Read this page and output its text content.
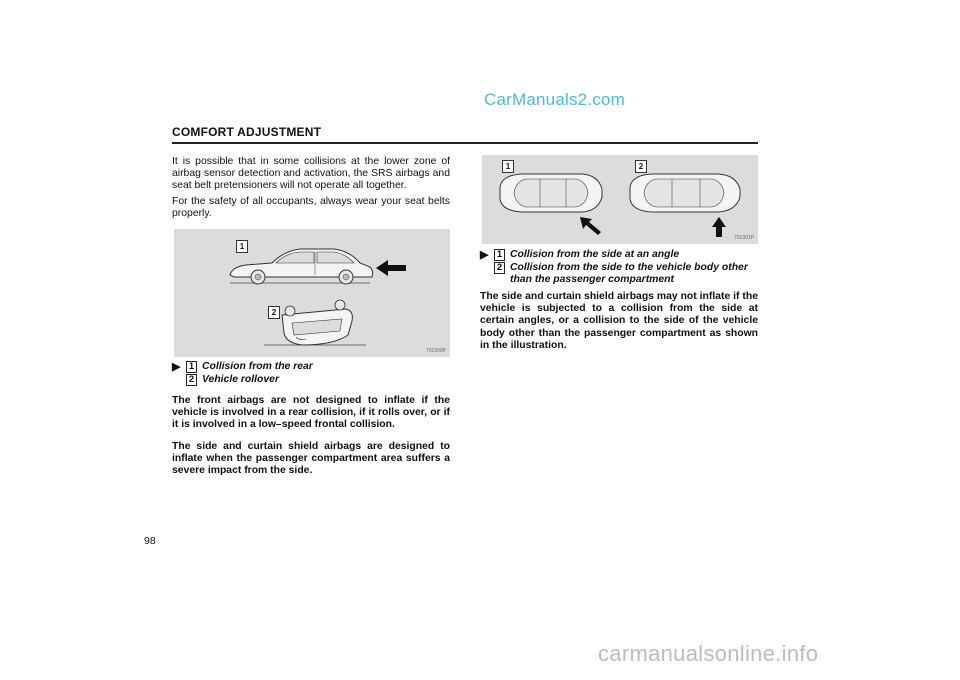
CarManuals2.com
COMFORT ADJUSTMENT
It is possible that in some collisions at the lower zone of airbag sensor detection and activation, the SRS airbags and seat belt pretensioners will not operate all together.
For the safety of all occupants, always wear your seat belts properly.
1
2
701300P
▶ 1 Collision from the rear
2 Vehicle rollover
The front airbags are not designed to inflate if the vehicle is involved in a rear collision, if it rolls over, or if it is involved in a low–speed frontal collision.
The side and curtain shield airbags are designed to inflate when the passenger compartment area suffers a severe impact from the side.
1	2
701301P
▶ 1 Collision from the side at an angle
2 Collision from the side to the vehicle body other
than the passenger compartment
The side and curtain shield airbags may not inflate if the vehicle is subjected to a collision from the side at certain angles, or a collision to the side of the vehicle body other than the passenger compartment as shown in the illustration.
98
carmanualsonline.info
